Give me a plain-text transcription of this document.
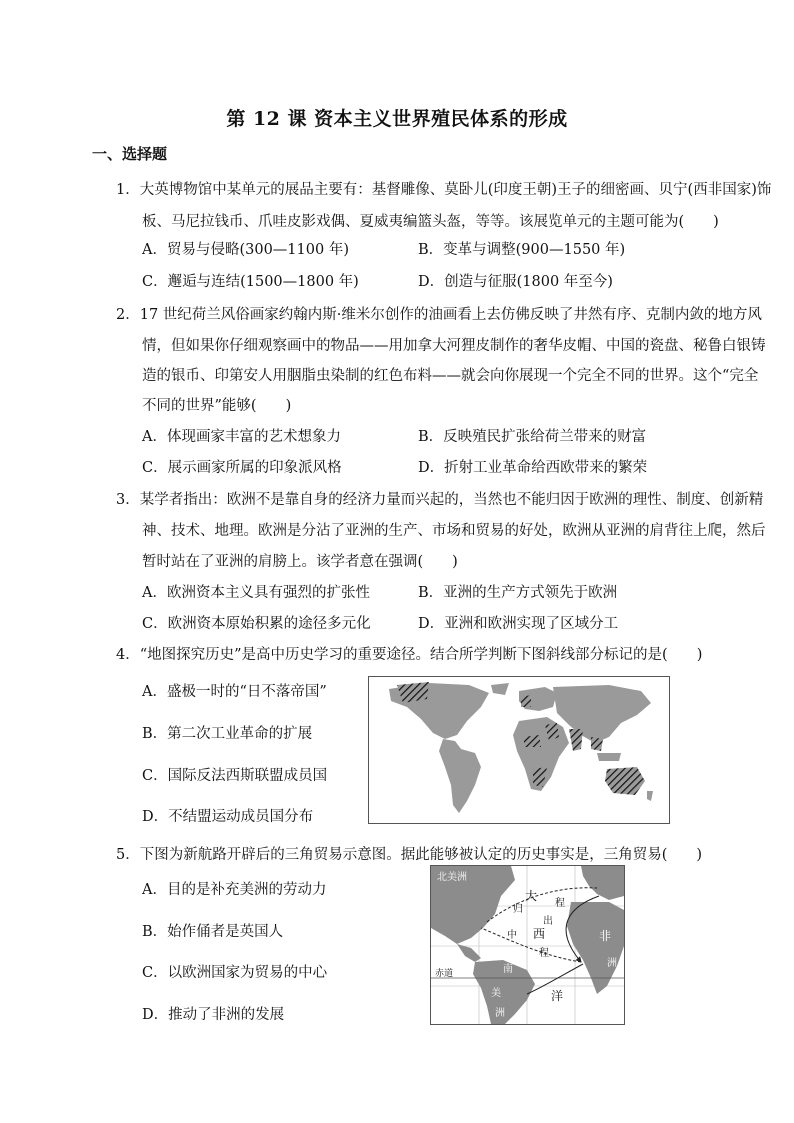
第 12 课 资本主义世界殖民体系的形成
一、选择题
1．大英博物馆中某单元的展品主要有：基督雕像、莫卧儿(印度王朝)王子的细密画、贝宁(西非国家)饰
板、马尼拉钱币、爪哇皮影戏偶、夏威夷编篮头盔，等等。该展览单元的主题可能为(　　)
A．贸易与侵略(300—1100 年)	B．变革与调整(900—1550 年)
C．邂逅与连结(1500—1800 年)	D．创造与征服(1800 年至今)
2．17 世纪荷兰风俗画家约翰内斯·维米尔创作的油画看上去仿佛反映了井然有序、克制内敛的地方风
情，但如果你仔细观察画中的物品——用加拿大河狸皮制作的奢华皮帽、中国的瓷盘、秘鲁白银铸
造的银币、印第安人用胭脂虫染制的红色布料——就会向你展现一个完全不同的世界。这个“完全
不同的世界”能够(　　)
A．体现画家丰富的艺术想象力	B．反映殖民扩张给荷兰带来的财富
C．展示画家所属的印象派风格	D．折射工业革命给西欧带来的繁荣
3．某学者指出：欧洲不是靠自身的经济力量而兴起的，当然也不能归因于欧洲的理性、制度、创新精
神、技术、地理。欧洲是分沾了亚洲的生产、市场和贸易的好处，欧洲从亚洲的肩背往上爬，然后
暂时站在了亚洲的肩膀上。该学者意在强调(　　)
A．欧洲资本主义具有强烈的扩张性	B．亚洲的生产方式领先于欧洲
C．欧洲资本原始积累的途径多元化	D．亚洲和欧洲实现了区域分工
4．“地图探究历史”是高中历史学习的重要途径。结合所学判断下图斜线部分标记的是(　　)
A．盛极一时的“日不落帝国”
B．第二次工业革命的扩展
C．国际反法西斯联盟成员国
D．不结盟运动成员国分布
5．下图为新航路开辟后的三角贸易示意图。据此能够被认定的历史事实是，三角贸易(　　)
A．目的是补充美洲的劳动力
B．始作俑者是英国人
C．以欧洲国家为贸易的中心
D．推动了非洲的发展
北美洲
大
归
程
出
中 西
程
非
洲
赤道	南
美
洲
洋
